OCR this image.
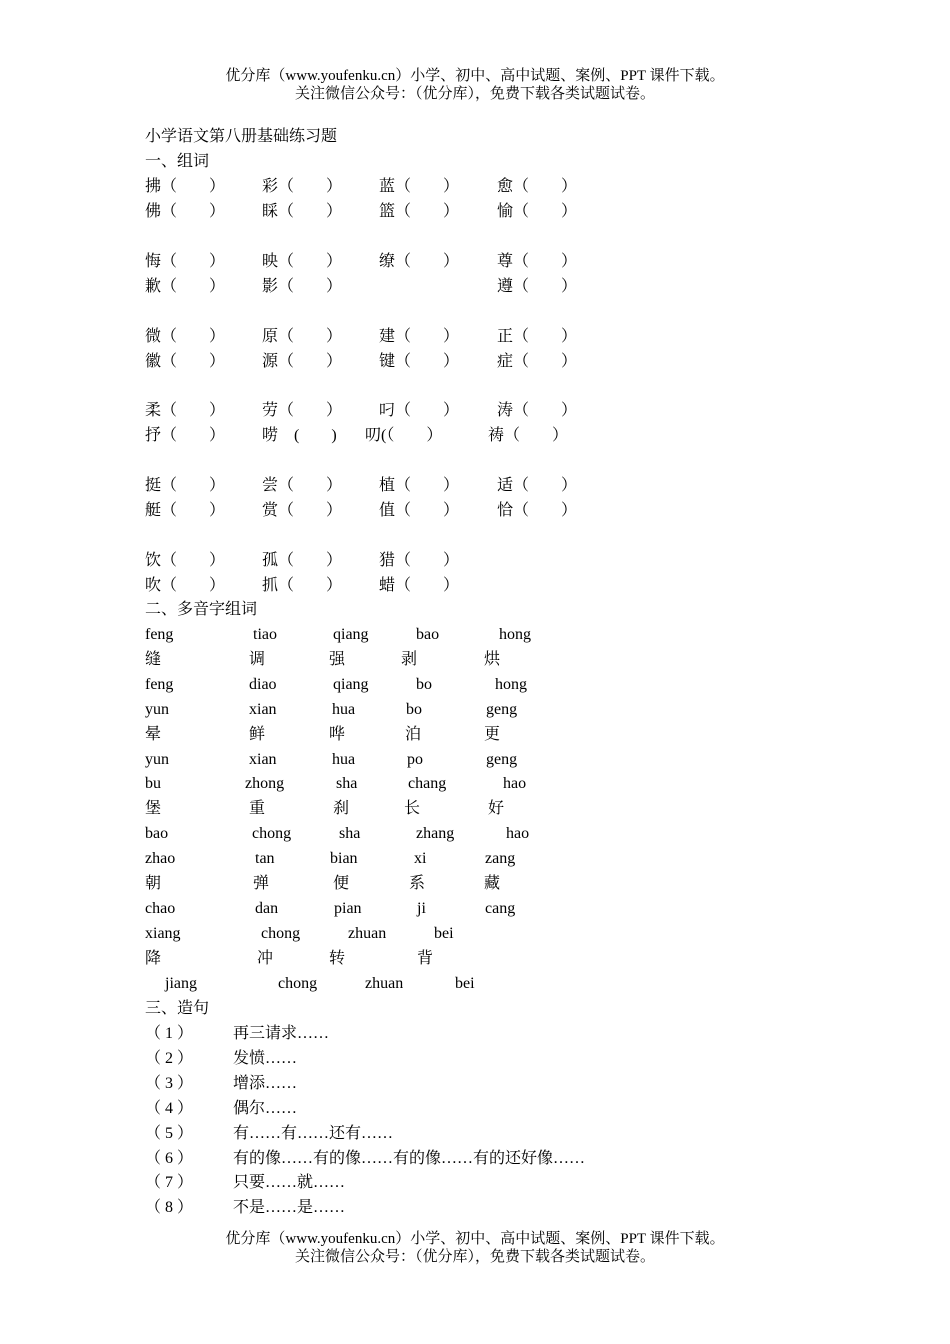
优分库（www.youfenku.cn）小学、初中、高中试题、案例、PPT 课件下载。
关注微信公众号：（优分库），免费下载各类试题试卷。
小学语文第八册基础练习题
一、组词
拂（　　） 彩（　　） 蓝（　　） 愈（　　）
佛（　　） 睬（　　） 篮（　　） 愉（　　）
悔（　　） 映（　　） 缭（　　） 尊（　　）
歉（　　） 影（　　）	遵（　　）
微（　　） 原（　　） 建（　　） 正（　　）
徽（　　） 源（　　） 键（　　） 症（　　）
柔（　　） 劳（　　） 叼（　　） 涛（　　）
抒（　　） 唠　(　　) 叨(（　　）	祷（　　）
挺（　　） 尝（　　） 植（　　） 适（　　）
艇（　　） 赏（　　） 值（　　） 恰（　　）
饮（　　） 孤（　　） 猎（　　）
吹（　　） 抓（　　） 蜡（　　）
二、多音字组词
feng	tiao	qiang	bao	hong
缝	调	强	剥	烘
feng	diao	qiang	bo	hong
yun	xian	hua	bo	geng
晕	鲜	哗	泊	更
yun	xian	hua	po	geng
bu	zhong	sha	chang	hao
堡	重	刹	长	好
bao	chong	sha	zhang	hao
zhao	tan	bian	xi	zang
朝	弹	便	系	藏
chao	dan	pian	ji	cang
xiang	chong	zhuan	bei
降	冲	转	背
jiang	chong	zhuan	bei
三、造句
（ 1 ） 再三请求……
（ 2 ） 发愤……
（ 3 ） 增添……
（ 4 ） 偶尔……
（ 5 ） 有……有……还有……
（ 6 ） 有的像……有的像……有的像……有的还好像……
（ 7 ） 只要……就……
（ 8 ） 不是……是……
优分库（www.youfenku.cn）小学、初中、高中试题、案例、PPT 课件下载。
关注微信公众号：（优分库），免费下载各类试题试卷。
